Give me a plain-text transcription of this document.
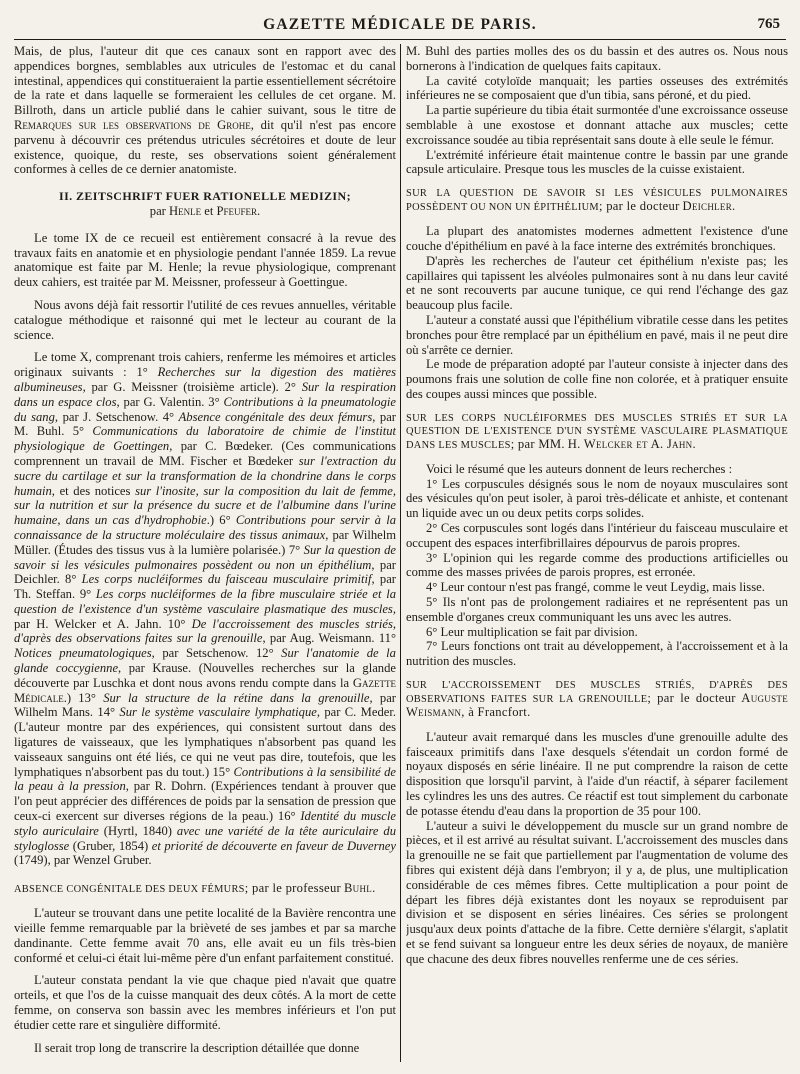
GAZETTE MÉDICALE DE PARIS.	765

Mais, de plus, l'auteur dit que ces canaux sont en rapport avec des appendices borgnes, semblables aux utricules de l'estomac et du canal intestinal, appendices qui constitueraient la partie essentiellement sécrétoire de la rate et dans laquelle se formeraient les cellules de cet organe. M. Billroth, dans un article publié dans le cahier suivant, sous le titre de Remarques sur les observations de Grohe, dit qu'il n'est pas encore parvenu à découvrir ces prétendus utricules sécrétoires et doute de leur existence, quoique, du reste, ses observations soient généralement conformes à celles de ce dernier anatomiste.

II. ZEITSCHRIFT FUER RATIONELLE MEDIZIN;
par Henle et Pfeufer.

Le tome IX de ce recueil est entièrement consacré à la revue des travaux faits en anatomie et en physiologie pendant l'année 1859. La revue anatomique est faite par M. Henle; la revue physiologique, comprenant deux cahiers, est traitée par M. Meissner, professeur à Goettingue.

Nous avons déjà fait ressortir l'utilité de ces revues annuelles, véritable catalogue méthodique et raisonné qui met le lecteur au courant de la science.

Le tome X, comprenant trois cahiers, renferme les mémoires et articles originaux suivants : 1° Recherches sur la digestion des matières albumineuses, par G. Meissner (troisième article). 2° Sur la respiration dans un espace clos, par G. Valentin. 3° Contributions à la pneumatologie du sang, par J. Setschenow. 4° Absence congénitale des deux fémurs, par M. Buhl. 5° Communications du laboratoire de chimie de l'institut physiologique de Goettingen, par C. Bœdeker. (Ces communications comprennent un travail de MM. Fischer et Bœdeker sur l'extraction du sucre du cartilage et sur la transformation de la chondrine dans le corps humain, et des notices sur l'inosite, sur la composition du lait de femme, sur la nutrition et sur la présence du sucre et de l'albumine dans l'urine humaine, dans un cas d'hydrophobie.) 6° Contributions pour servir à la connaissance de la structure moléculaire des tissus animaux, par Wilhelm Müller. (Études des tissus vus à la lumière polarisée.) 7° Sur la question de savoir si les vésicules pulmonaires possèdent ou non un épithélium, par Deichler. 8° Les corps nucléiformes du faisceau musculaire primitif, par Th. Steffan. 9° Les corps nucléiformes de la fibre musculaire striée et la question de l'existence d'un système vasculaire plasmatique des muscles, par H. Welcker et A. Jahn. 10° De l'accroissement des muscles striés, d'après des observations faites sur la grenouille, par Aug. Weismann. 11° Notices pneumatologiques, par Setschenow. 12° Sur l'anatomie de la glande coccygienne, par Krause. (Nouvelles recherches sur la glande découverte par Luschka et dont nous avons rendu compte dans la Gazette Médicale.) 13° Sur la structure de la rétine dans la grenouille, par Wilhelm Mans. 14° Sur le système vasculaire lymphatique, par C. Meder. (L'auteur montre par des expériences, qui consistent surtout dans des ligatures de vaisseaux, que les lymphatiques n'absorbent pas quand les vaisseaux sanguins ont été liés, ce qui ne veut pas dire, toutefois, que les lymphatiques n'absorbent pas du tout.) 15° Contributions à la sensibilité de la peau à la pression, par R. Dohrn. (Expériences tendant à prouver que l'on peut apprécier des différences de poids par la sensation de pression que ceux-ci exercent sur diverses régions de la peau.) 16° Identité du muscle stylo auriculaire (Hyrtl, 1840) avec une variété de la tête auriculaire du styloglosse (Gruber, 1854) et priorité de découverte en faveur de Duverney (1749), par Wenzel Gruber.

ABSENCE CONGÉNITALE DES DEUX FÉMURS; par le professeur Buhl.

L'auteur se trouvant dans une petite localité de la Bavière rencontra une vieille femme remarquable par la brièveté de ses jambes et par sa marche dandinante. Cette femme avait 70 ans, elle avait eu un fils très-bien conformé et celui-ci était lui-même père d'un enfant parfaitement constitué.

L'auteur constata pendant la vie que chaque pied n'avait que quatre orteils, et que l'os de la cuisse manquait des deux côtés. A la mort de cette femme, on conserva son bassin avec les membres inférieurs et l'on put étudier cette rare et singulière difformité.

Il serait trop long de transcrire la description détaillée que donne

M. Buhl des parties molles des os du bassin et des autres os. Nous nous bornerons à l'indication de quelques faits capitaux.

La cavité cotyloïde manquait; les parties osseuses des extrémités inférieures ne se composaient que d'un tibia, sans péroné, et du pied.

La partie supérieure du tibia était surmontée d'une excroissance osseuse semblable à une exostose et donnant attache aux muscles; cette excroissance soudée au tibia représentait sans doute à elle seule le fémur.

L'extrémité inférieure était maintenue contre le bassin par une grande capsule articulaire. Presque tous les muscles de la cuisse existaient.

SUR LA QUESTION DE SAVOIR SI LES VÉSICULES PULMONAIRES POSSÈDENT OU NON UN ÉPITHÉLIUM; par le docteur Deichler.

La plupart des anatomistes modernes admettent l'existence d'une couche d'épithélium en pavé à la face interne des extrémités bronchiques.

D'après les recherches de l'auteur cet épithélium n'existe pas; les capillaires qui tapissent les alvéoles pulmonaires sont à nu dans leur cavité et ne sont recouverts par aucune tunique, ce qui rend l'échange des gaz beaucoup plus facile.

L'auteur a constaté aussi que l'épithélium vibratile cesse dans les petites bronches pour être remplacé par un épithélium en pavé, mais il ne peut dire où s'arrête ce dernier.

Le mode de préparation adopté par l'auteur consiste à injecter dans des poumons frais une solution de colle fine non colorée, et à pratiquer ensuite des coupes aussi minces que possible.

SUR LES CORPS NUCLÉIFORMES DES MUSCLES STRIÉS ET SUR LA QUESTION DE L'EXISTENCE D'UN SYSTÈME VASCULAIRE PLASMATIQUE DANS LES MUSCLES; par MM. H. Welcker et A. Jahn.

Voici le résumé que les auteurs donnent de leurs recherches :

1° Les corpuscules désignés sous le nom de noyaux musculaires sont des vésicules qu'on peut isoler, à paroi très-délicate et anhiste, et contenant un liquide avec un ou deux petits corps solides.

2° Ces corpuscules sont logés dans l'intérieur du faisceau musculaire et occupent des espaces interfibrillaires dépourvus de parois propres.

3° L'opinion qui les regarde comme des productions artificielles ou comme des masses privées de parois propres, est erronée.

4° Leur contour n'est pas frangé, comme le veut Leydig, mais lisse.

5° Ils n'ont pas de prolongement radiaires et ne représentent pas un ensemble d'organes creux communiquant les uns avec les autres.

6° Leur multiplication se fait par division.

7° Leurs fonctions ont trait au développement, à l'accroissement et à la nutrition des muscles.

SUR L'ACCROISSEMENT DES MUSCLES STRIÉS, D'APRÈS DES OBSERVATIONS FAITES SUR LA GRENOUILLE; par le docteur Auguste Weismann, à Francfort.

L'auteur avait remarqué dans les muscles d'une grenouille adulte des faisceaux primitifs dans l'axe desquels s'étendait un cordon formé de noyaux disposés en série linéaire. Il ne put comprendre la raison de cette disposition que lorsqu'il parvint, à l'aide d'un réactif, à séparer facilement les cylindres les uns des autres. Ce réactif est tout simplement du carbonate de potasse étendu d'eau dans la proportion de 35 pour 100.

L'auteur a suivi le développement du muscle sur un grand nombre de pièces, et il est arrivé au résultat suivant. L'accroissement des muscles dans la grenouille ne se fait que partiellement par l'augmentation de volume des fibres qui existent déjà dans l'embryon; il y a, de plus, une multiplication considérable de ces mêmes fibres. Cette multiplication a pour point de départ les fibres déjà existantes dont les noyaux se reproduisent par division et se disposent en séries linéaires. Ces séries se prolongent jusqu'aux deux points d'attache de la fibre. Cette dernière s'élargit, s'aplatit et se fend suivant sa longueur entre les deux séries de noyaux, de manière que chacune des deux fibres nouvelles renferme une de ces séries.
